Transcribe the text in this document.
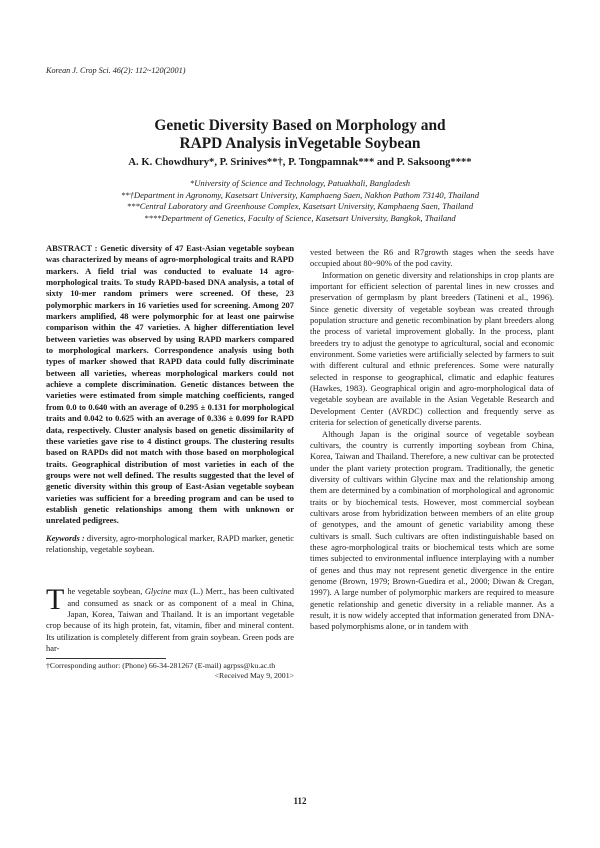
Korean J. Crop Sci. 46(2): 112~120(2001)
Genetic Diversity Based on Morphology and
RAPD Analysis inVegetable Soybean
A. K. Chowdhury*, P. Srinives**†, P. Tongpamnak*** and P. Saksoong****
*University of Science and Technology, Patuakhali, Bangladesh
**†Department in Agronomy, Kasetsart University, Kamphaeng Saen, Nakhon Pathom 73140, Thailand
***Central Laboratory and Greenhouse Complex, Kasetsart University, Kamphaeng Saen, Thailand
****Department of Genetics, Faculty of Science, Kasetsart University, Bangkok, Thailand
ABSTRACT : Genetic diversity of 47 East-Asian vegetable soybean was characterized by means of agro-morphological traits and RAPD markers. A field trial was conducted to evaluate 14 agro-morphological traits. To study RAPD-based DNA analysis, a total of sixty 10-mer random primers were screened. Of these, 23 polymorphic markers in 16 varieties used for screening. Among 207 markers amplified, 48 were polymorphic for at least one pairwise comparison within the 47 varieties. A higher differentiation level between varieties was observed by using RAPD markers compared to morphological markers. Correspondence analysis using both types of marker showed that RAPD data could fully discriminate between all varieties, whereas morphological markers could not achieve a complete discrimination. Genetic distances between the varieties were estimated from simple matching coefficients, ranged from 0.0 to 0.640 with an average of 0.295 ± 0.131 for morphological traits and 0.042 to 0.625 with an average of 0.336 ± 0.099 for RAPD data, respectively. Cluster analysis based on genetic dissimilarity of these varieties gave rise to 4 distinct groups. The clustering results based on RAPDs did not match with those based on morphological traits. Geographical distribution of most varieties in each of the groups were not well defined. The results suggested that the level of genetic diversity within this group of East-Asian vegetable soybean varieties was sufficient for a breeding program and can be used to establish genetic relationships among them with unknown or unrelated pedigrees.
Keywords : diversity, agro-morphological marker, RAPD marker, genetic relationship, vegetable soybean.
The vegetable soybean, Glycine max (L.) Merr., has been cultivated and consumed as snack or as component of a meal in China, Japan, Korea, Taiwan and Thailand. It is an important vegetable crop because of its high protein, fat, vitamin, fiber and mineral content. Its utilization is completely different from grain soybean. Green pods are har-
†Corresponding author: (Phone) 66-34-281267 (E-mail) agrpss@ku.ac.th
<Received May 9, 2001>

vested between the R6 and R7growth stages when the seeds have occupied about 80~90% of the pod cavity.

Information on genetic diversity and relationships in crop plants are important for efficient selection of parental lines in new crosses and preservation of germplasm by plant breeders (Tatineni et al., 1996). Since genetic diversity of vegetable soybean was created through population structure and genetic recombination by plant breeders along the process of varietal improvement globally. In the process, plant breeders try to adjust the genotype to agricultural, social and economic environment. Some varieties were artificially selected by farmers to suit with different cultural and ethnic preferences. Some were naturally selected in response to geographical, climatic and edaphic features (Hawkes, 1983). Geographical origin and agro-morphological data of vegetable soybean are available in the Asian Vegetable Research and Development Center (AVRDC) collection and frequently serve as criteria for selection of genetically diverse parents.

Although Japan is the original source of vegetable soybean cultivars, the country is currently importing soybean from China, Korea, Taiwan and Thailand. Therefore, a new cultivar can be protected under the plant variety protection program. Traditionally, the genetic diversity of cultivars within Glycine max and the relationship among them are determined by a combination of morphological and agronomic traits or by biochemical tests. However, most commercial soybean cultivars arose from hybridization between members of an elite group of genotypes, and the amount of genetic variability among these cultivars is small. Such cultivars are often indistinguishable based on these agro-morphological traits or biochemical tests which are some times subjected to environmental influence interplaying with a number of genes and thus may not represent genetic divergence in the entire genome (Brown, 1979; Brown-Guedira et al., 2000; Diwan & Cregan, 1997). A large number of polymorphic markers are required to measure genetic relationship and genetic diversity in a reliable manner. As a result, it is now widely accepted that information generated from DNA-based polymorphisms alone, or in tandem with

112
